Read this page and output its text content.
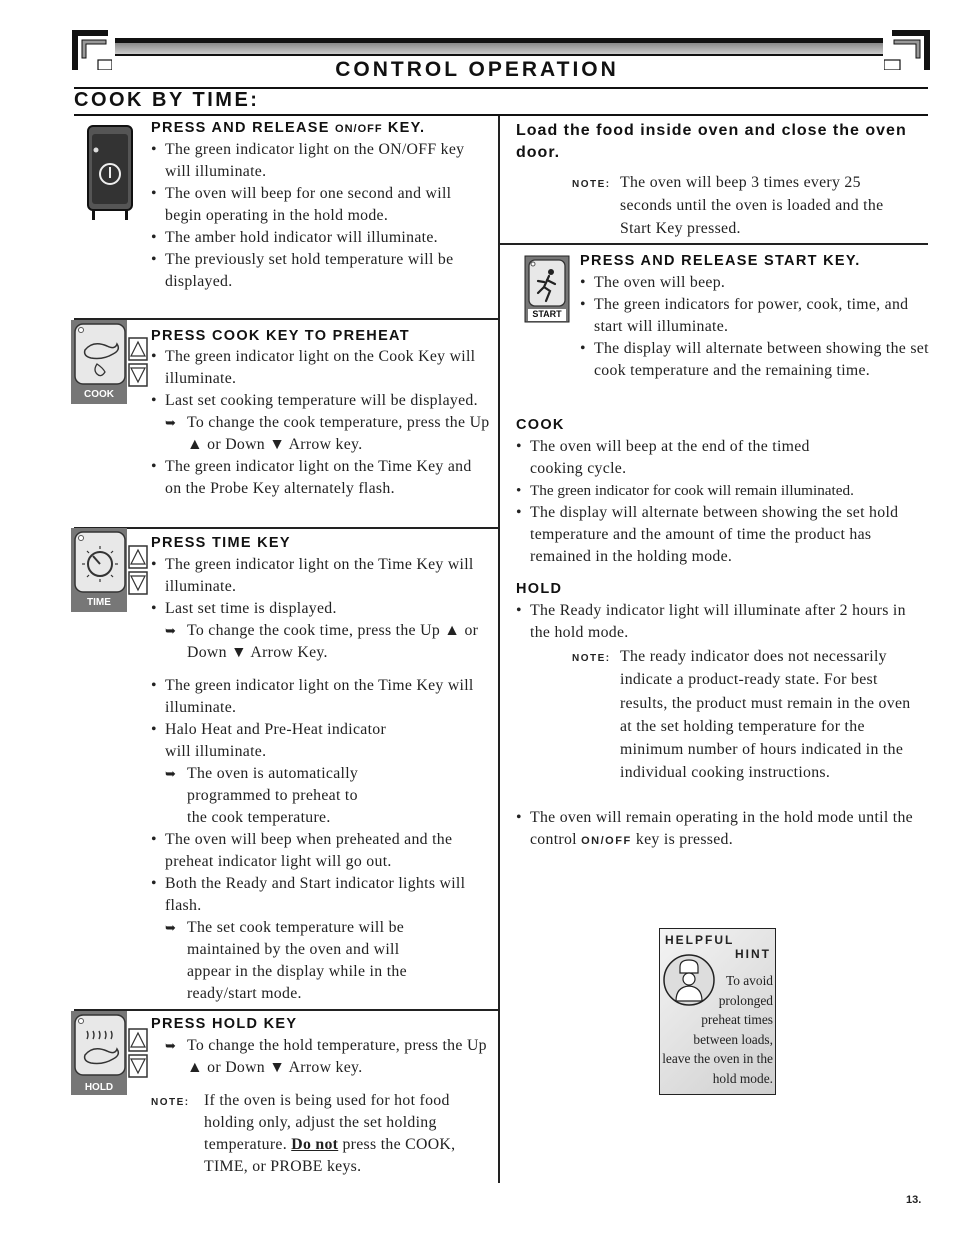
CONTROL OPERATION
COOK BY TIME:
PRESS AND RELEASE ON/OFF KEY.
• The green indicator light on the ON/OFF key will illuminate.
• The oven will beep for one second and will begin operating in the hold mode.
• The amber hold indicator will illuminate.
• The previously set hold temperature will be displayed.
COOK
PRESS COOK KEY TO PREHEAT
• The green indicator light on the Cook Key will illuminate.
• Last set cooking temperature will be displayed.
➥ To change the cook temperature, press the Up ▲ or Down ▼ Arrow key.
• The green indicator light on the Time Key and on the Probe Key alternately flash.
TIME
PRESS TIME KEY
• The green indicator light on the Time Key will illuminate.
• Last set time is displayed.
➥ To change the cook time, press the Up ▲ or Down ▼ Arrow Key.
• The green indicator light on the Time Key will illuminate.
• Halo Heat and Pre-Heat indicator will illuminate.
➥ The oven is automatically programmed to preheat to the cook temperature.
• The oven will beep when preheated and the preheat indicator light will go out.
• Both the Ready and Start indicator lights will flash.
➥ The set cook temperature will be maintained by the oven and will appear in the display while in the ready/start mode.
HOLD
PRESS HOLD KEY
➥ To change the hold temperature, press the Up ▲ or Down ▼ Arrow key.
NOTE: If the oven is being used for hot food holding only, adjust the set holding temperature. Do not press the COOK, TIME, or PROBE keys.
Load the food inside oven and close the oven door.
NOTE: The oven will beep 3 times every 25 seconds until the oven is loaded and the Start Key pressed.
START
PRESS AND RELEASE START KEY.
• The oven will beep.
• The green indicators for power, cook, time, and start will illuminate.
• The display will alternate between showing the set cook temperature and the remaining time.
COOK
• The oven will beep at the end of the timed cooking cycle.
• The green indicator for cook will remain illuminated.
• The display will alternate between showing the set hold temperature and the amount of time the product has remained in the holding mode.
HOLD
• The Ready indicator light will illuminate after 2 hours in the hold mode.
NOTE: The ready indicator does not necessarily indicate a product-ready state. For best results, the product must remain in the oven at the set holding temperature for the minimum number of hours indicated in the individual cooking instructions.
• The oven will remain operating in the hold mode until the control ON/OFF key is pressed.
HELPFUL
HINT
To avoid prolonged preheat times between loads, leave the oven in the hold mode.
13.
